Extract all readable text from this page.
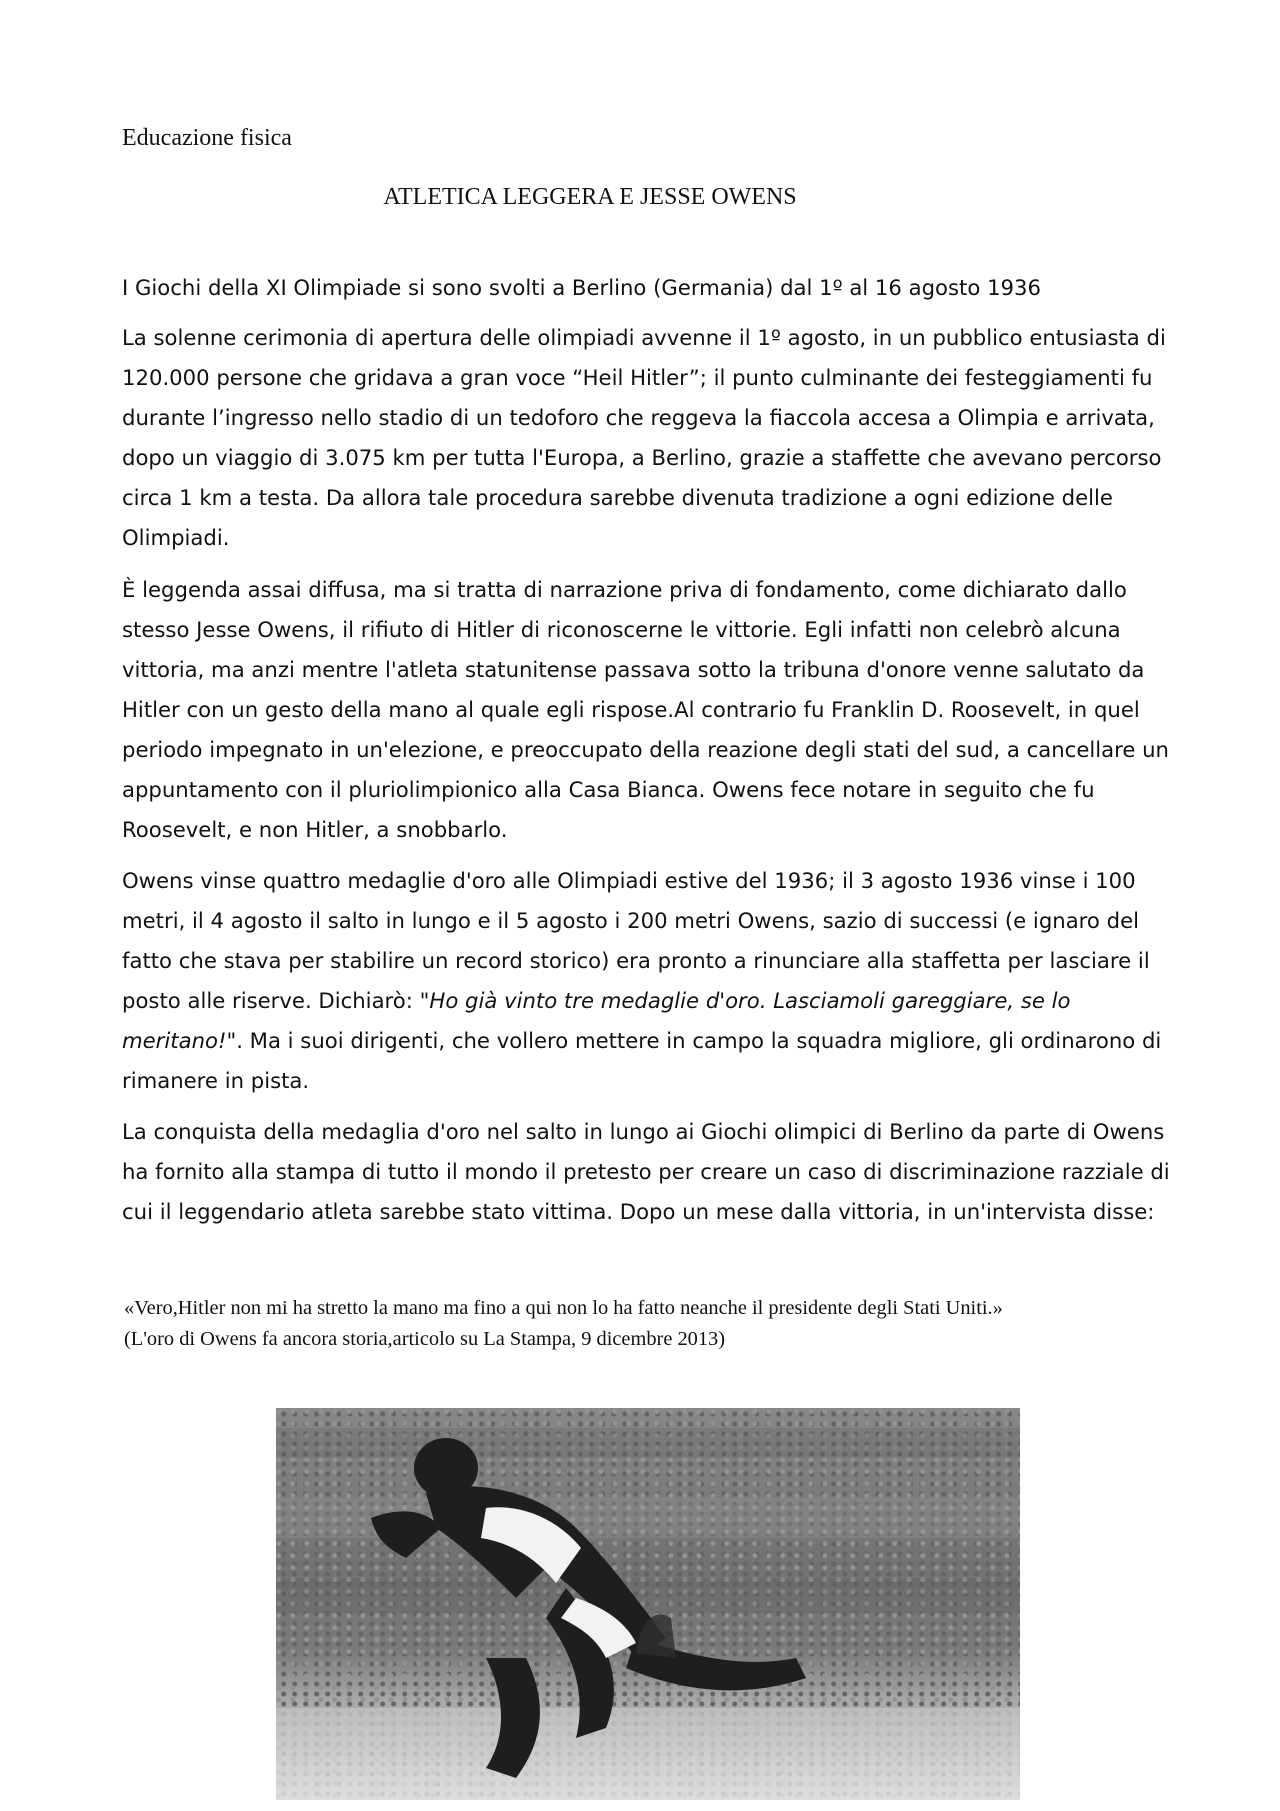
Educazione fisica
ATLETICA LEGGERA E JESSE OWENS

I Giochi della XI Olimpiade si sono svolti a Berlino (Germania) dal 1º al 16 agosto 1936

La solenne cerimonia di apertura delle olimpiadi avvenne il 1º agosto, in un pubblico entusiasta di 120.000 persone che gridava a gran voce “Heil Hitler”; il punto culminante dei festeggiamenti fu durante l’ingresso nello stadio di un tedoforo che reggeva la fiaccola accesa a Olimpia e arrivata, dopo un viaggio di 3.075 km per tutta l'Europa, a Berlino, grazie a staffette che avevano percorso circa 1 km a testa. Da allora tale procedura sarebbe divenuta tradizione a ogni edizione delle Olimpiadi.

È leggenda assai diffusa, ma si tratta di narrazione priva di fondamento, come dichiarato dallo stesso Jesse Owens, il rifiuto di Hitler di riconoscerne le vittorie. Egli infatti non celebrò alcuna vittoria, ma anzi mentre l'atleta statunitense passava sotto la tribuna d'onore venne salutato da Hitler con un gesto della mano al quale egli rispose.Al contrario fu Franklin D. Roosevelt, in quel periodo impegnato in un'elezione, e preoccupato della reazione degli stati del sud, a cancellare un appuntamento con il pluriolimpionico alla Casa Bianca. Owens fece notare in seguito che fu Roosevelt, e non Hitler, a snobbarlo.

Owens vinse quattro medaglie d'oro alle Olimpiadi estive del 1936; il 3 agosto 1936 vinse i 100 metri, il 4 agosto il salto in lungo e il 5 agosto i 200 metri Owens, sazio di successi (e ignaro del fatto che stava per stabilire un record storico) era pronto a rinunciare alla staffetta per lasciare il posto alle riserve. Dichiarò: "Ho già vinto tre medaglie d'oro. Lasciamoli gareggiare, se lo meritano!". Ma i suoi dirigenti, che vollero mettere in campo la squadra migliore, gli ordinarono di rimanere in pista.

La conquista della medaglia d'oro nel salto in lungo ai Giochi olimpici di Berlino da parte di Owens ha fornito alla stampa di tutto il mondo il pretesto per creare un caso di discriminazione razziale di cui il leggendario atleta sarebbe stato vittima. Dopo un mese dalla vittoria, in un'intervista disse:

«Vero,Hitler non mi ha stretto la mano ma fino a qui non lo ha fatto neanche il presidente degli Stati Uniti.»
(L'oro di Owens fa ancora storia,articolo su La Stampa, 9 dicembre 2013)
